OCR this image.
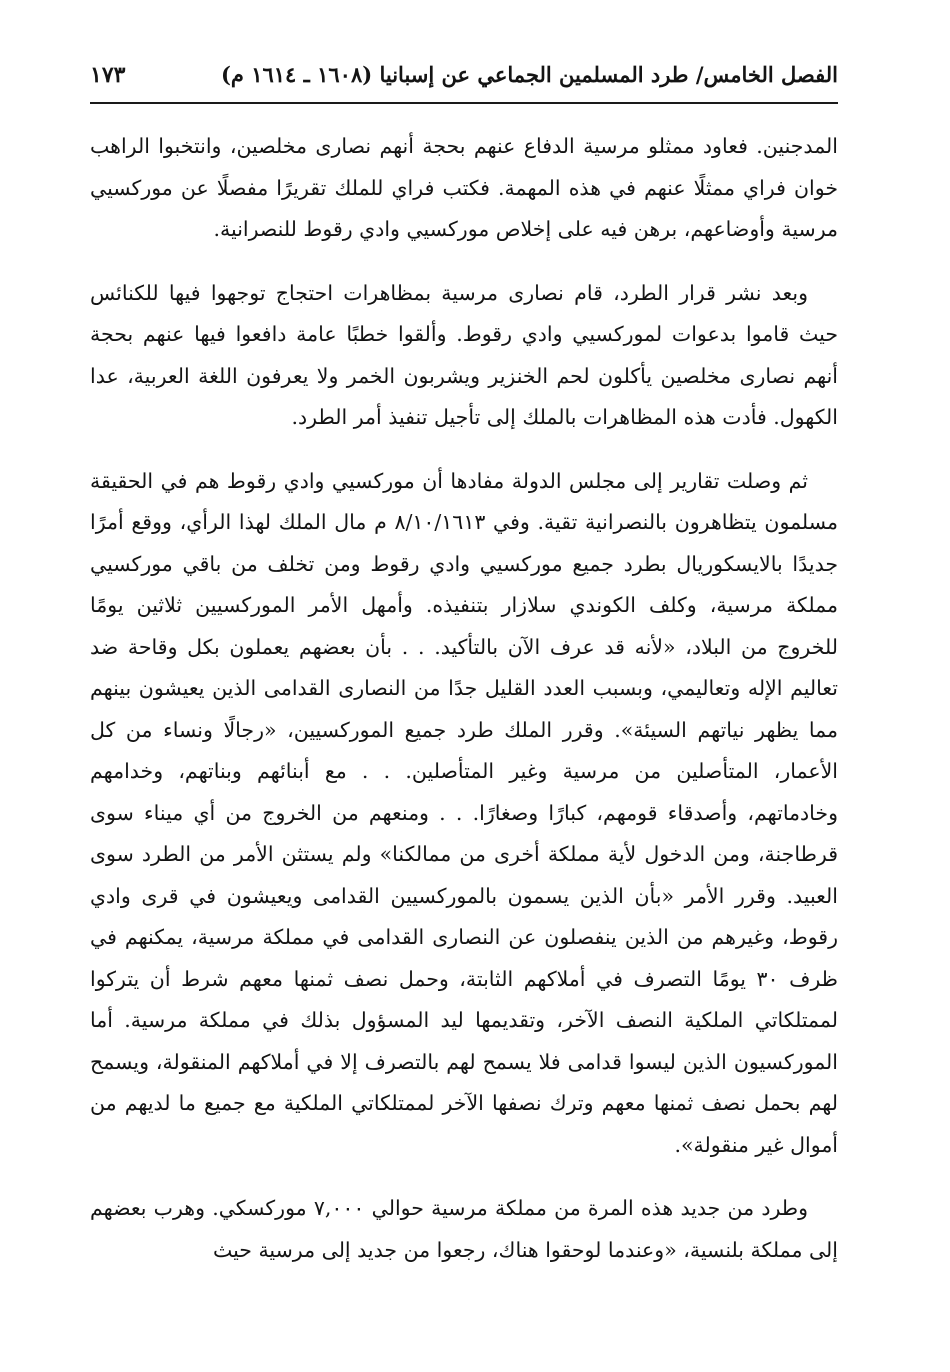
الفصل الخامس/ طرد المسلمين الجماعي عن إسبانيا (١٦٠٨ ـ ١٦١٤ م)
١٧٣

المدجنين. فعاود ممثلو مرسية الدفاع عنهم بحجة أنهم نصارى مخلصين، وانتخبوا الراهب خوان فراي ممثلًا عنهم في هذه المهمة. فكتب فراي للملك تقريرًا مفصلًا عن موركسيي مرسية وأوضاعهم، برهن فيه على إخلاص موركسيي وادي رقوط للنصرانية.

وبعد نشر قرار الطرد، قام نصارى مرسية بمظاهرات احتجاج توجهوا فيها للكنائس حيث قاموا بدعوات لموركسيي وادي رقوط. وألقوا خطبًا عامة دافعوا فيها عنهم بحجة أنهم نصارى مخلصين يأكلون لحم الخنزير ويشربون الخمر ولا يعرفون اللغة العربية، عدا الكهول. فأدت هذه المظاهرات بالملك إلى تأجيل تنفيذ أمر الطرد.

ثم وصلت تقارير إلى مجلس الدولة مفادها أن موركسيي وادي رقوط هم في الحقيقة مسلمون يتظاهرون بالنصرانية تقية. وفي ٨/١٠/١٦١٣ م مال الملك لهذا الرأي، ووقع أمرًا جديدًا بالايسكوريال بطرد جميع موركسيي وادي رقوط ومن تخلف من باقي موركسيي مملكة مرسية، وكلف الكوندي سلازار بتنفيذه. وأمهل الأمر الموركسيين ثلاثين يومًا للخروج من البلاد، «لأنه قد عرف الآن بالتأكيد. . . بأن بعضهم يعملون بكل وقاحة ضد تعاليم الإله وتعاليمي، وبسبب العدد القليل جدًا من النصارى القدامى الذين يعيشون بينهم مما يظهر نياتهم السيئة». وقرر الملك طرد جميع الموركسيين، «رجالًا ونساء من كل الأعمار، المتأصلين من مرسية وغير المتأصلين. . . مع أبنائهم وبناتهم، وخدامهم وخادماتهم، وأصدقاء قومهم، كبارًا وصغارًا. . . ومنعهم من الخروج من أي ميناء سوى قرطاجنة، ومن الدخول لأية مملكة أخرى من ممالكنا» ولم يستثن الأمر من الطرد سوى العبيد. وقرر الأمر «بأن الذين يسمون بالموركسيين القدامى ويعيشون في قرى وادي رقوط، وغيرهم من الذين ينفصلون عن النصارى القدامى في مملكة مرسية، يمكنهم في ظرف ٣٠ يومًا التصرف في أملاكهم الثابتة، وحمل نصف ثمنها معهم شرط أن يتركوا لممتلكاتي الملكية النصف الآخر، وتقديمها ليد المسؤول بذلك في مملكة مرسية. أما الموركسيون الذين ليسوا قدامى فلا يسمح لهم بالتصرف إلا في أملاكهم المنقولة، ويسمح لهم بحمل نصف ثمنها معهم وترك نصفها الآخر لممتلكاتي الملكية مع جميع ما لديهم من أموال غير منقولة».

وطرد من جديد هذه المرة من مملكة مرسية حوالي ٧,٠٠٠ موركسكي. وهرب بعضهم إلى مملكة بلنسية، «وعندما لوحقوا هناك، رجعوا من جديد إلى مرسية حيث
